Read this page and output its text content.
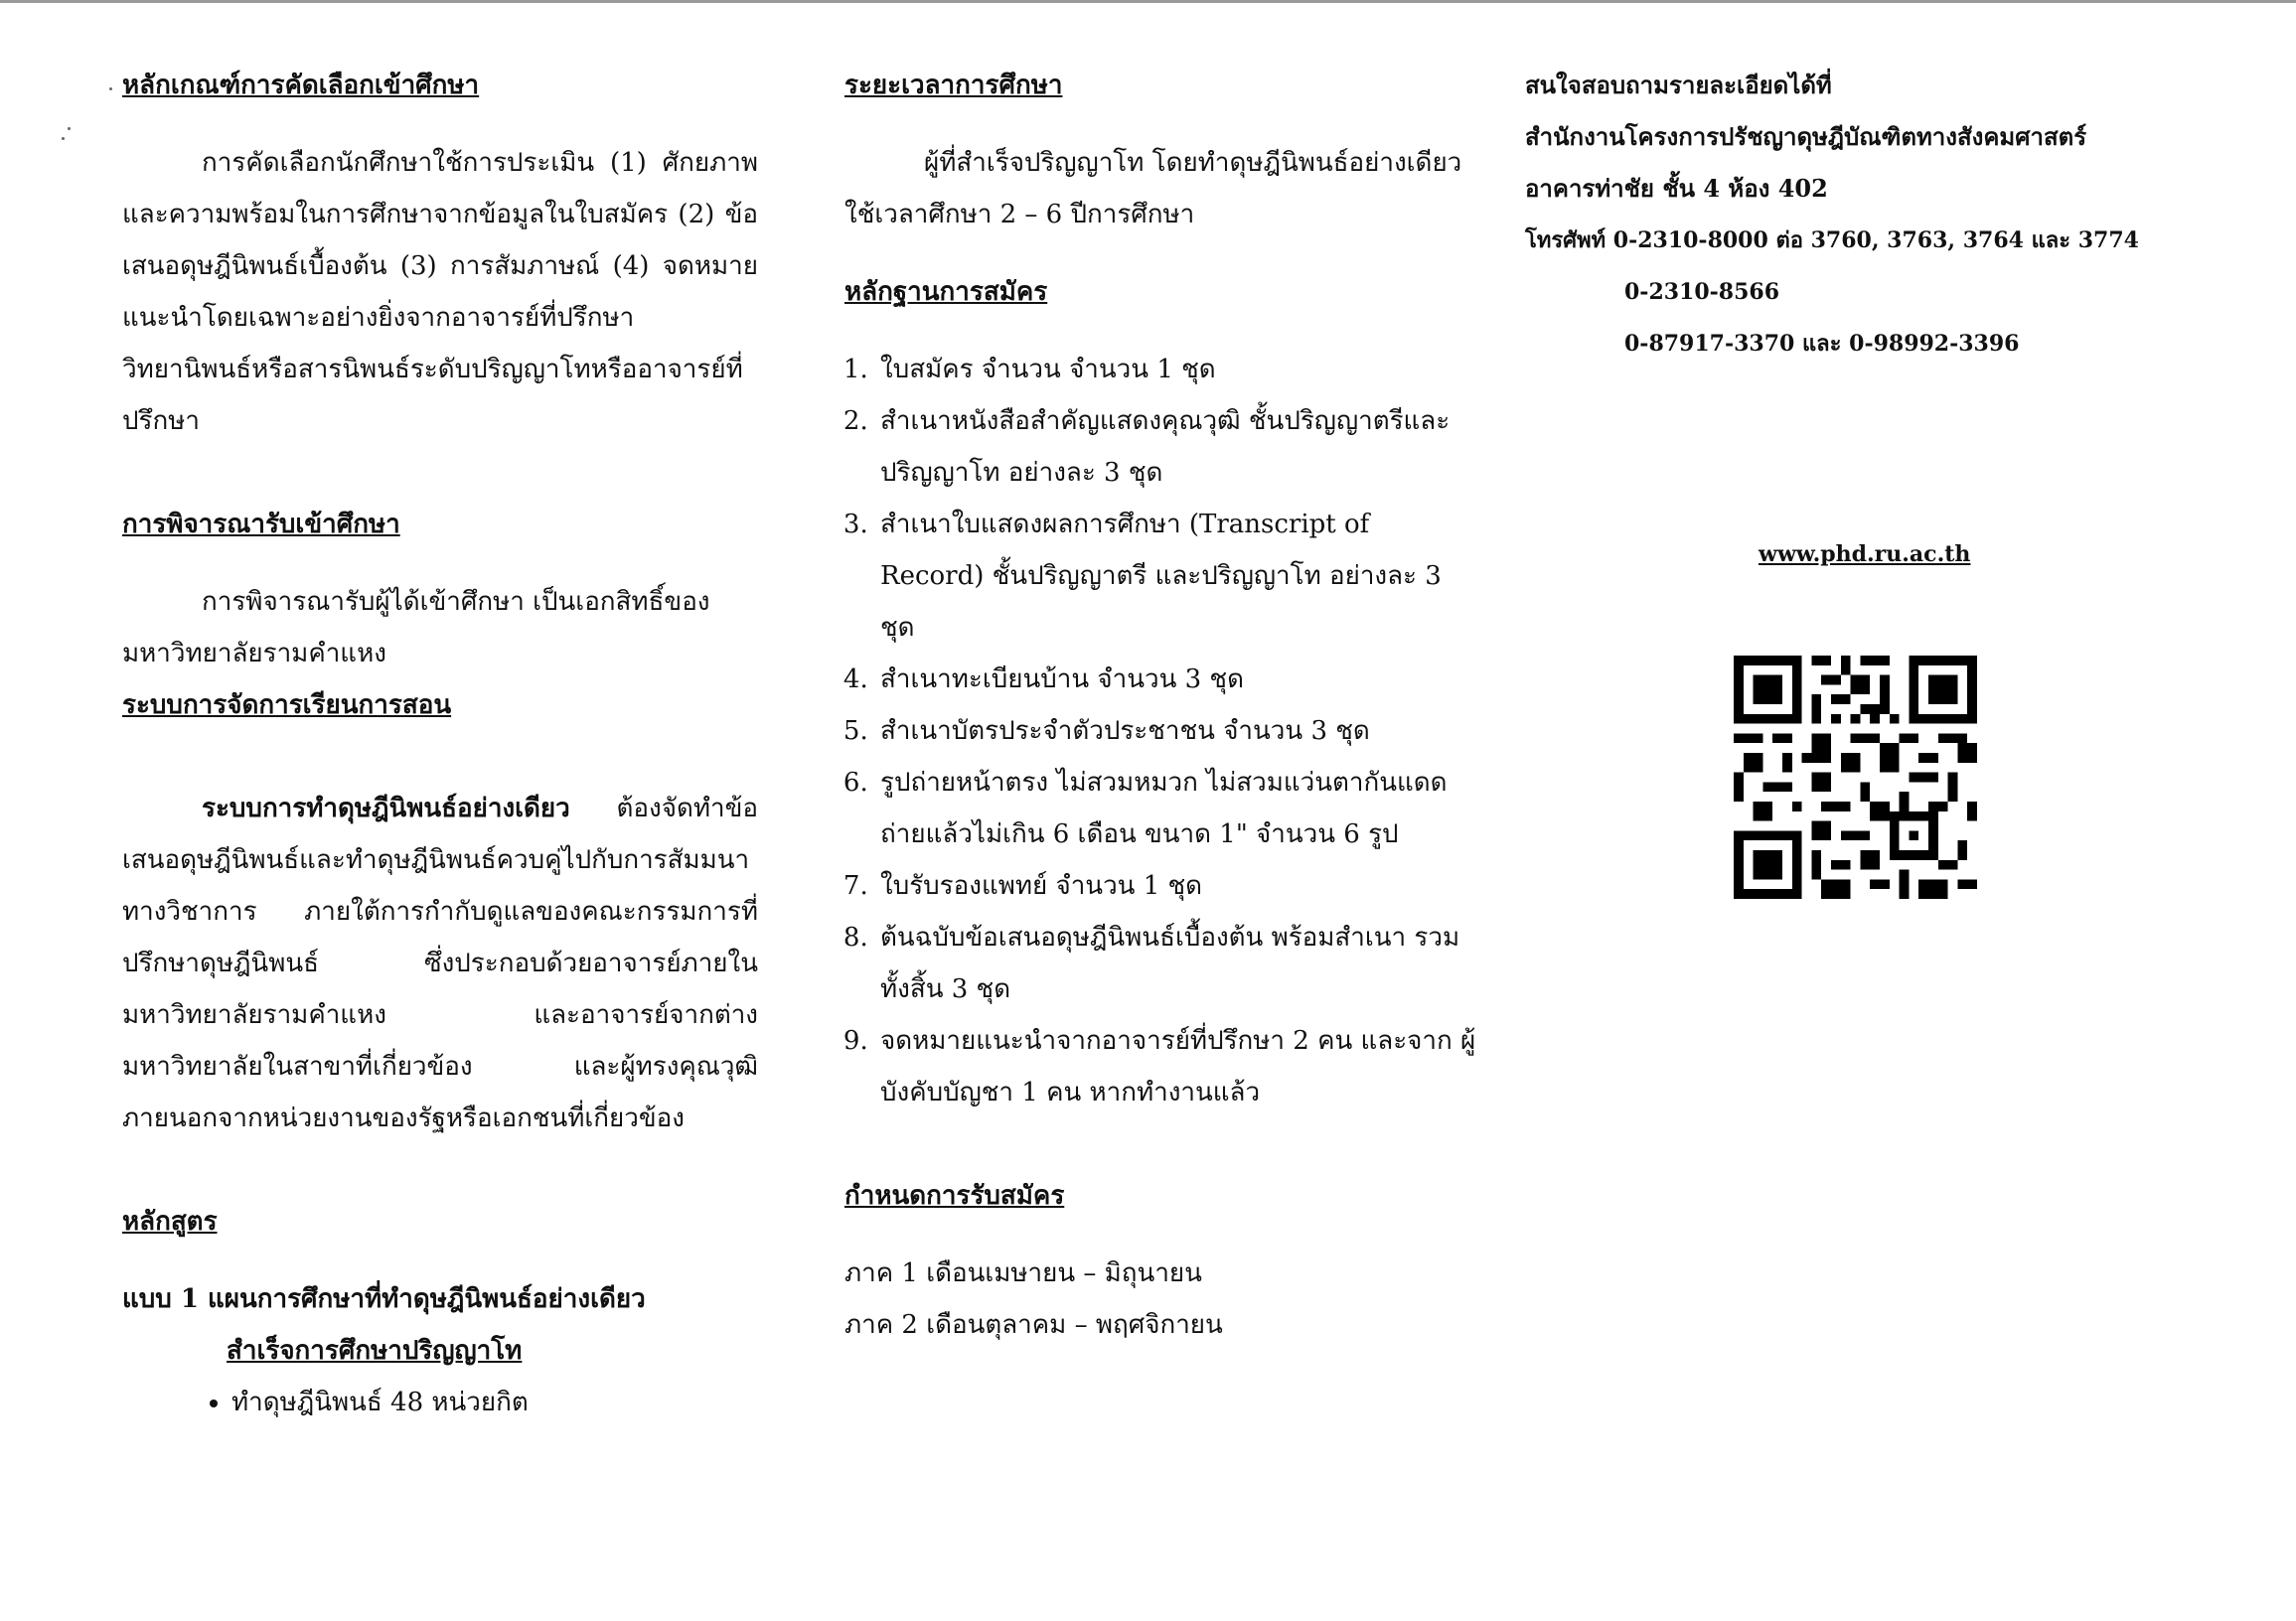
หลักเกณฑ์การคัดเลือกเข้าศึกษา

การคัดเลือกนักศึกษาใช้การประเมิน (1) ศักยภาพและความพร้อมในการศึกษาจากข้อมูลในใบสมัคร (2) ข้อเสนอดุษฎีนิพนธ์เบื้องต้น (3) การสัมภาษณ์ (4) จดหมายแนะนำโดยเฉพาะอย่างยิ่งจากอาจารย์ที่ปรึกษาวิทยานิพนธ์หรือสารนิพนธ์ระดับปริญญาโทหรืออาจารย์ที่ปรึกษา

การพิจารณารับเข้าศึกษา

การพิจารณารับผู้ได้เข้าศึกษา เป็นเอกสิทธิ์ของมหาวิทยาลัยรามคำแหง

ระบบการจัดการเรียนการสอน

ระบบการทำดุษฎีนิพนธ์อย่างเดียว ต้องจัดทำข้อเสนอดุษฎีนิพนธ์และทำดุษฎีนิพนธ์ควบคู่ไปกับการสัมมนาทางวิชาการ ภายใต้การกำกับดูแลของคณะกรรมการที่ปรึกษาดุษฎีนิพนธ์ ซึ่งประกอบด้วยอาจารย์ภายในมหาวิทยาลัยรามคำแหง และอาจารย์จากต่างมหาวิทยาลัยในสาขาที่เกี่ยวข้อง และผู้ทรงคุณวุฒิภายนอกจากหน่วยงานของรัฐหรือเอกชนที่เกี่ยวข้อง

หลักสูตร

แบบ 1 แผนการศึกษาที่ทำดุษฎีนิพนธ์อย่างเดียว

สำเร็จการศึกษาปริญญาโท

• ทำดุษฎีนิพนธ์ 48 หน่วยกิต
ระยะเวลาการศึกษา

ผู้ที่สำเร็จปริญญาโท โดยทำดุษฎีนิพนธ์อย่างเดียว ใช้เวลาศึกษา 2 – 6 ปีการศึกษา

หลักฐานการสมัคร
1. ใบสมัคร จำนวน จำนวน 1 ชุด
2. สำเนาหนังสือสำคัญแสดงคุณวุฒิ ชั้นปริญญาตรีและปริญญาโท อย่างละ 3 ชุด
3. สำเนาใบแสดงผลการศึกษา (Transcript of Record) ชั้นปริญญาตรี และปริญญาโท อย่างละ 3 ชุด
4. สำเนาทะเบียนบ้าน จำนวน 3 ชุด
5. สำเนาบัตรประจำตัวประชาชน จำนวน 3 ชุด
6. รูปถ่ายหน้าตรง ไม่สวมหมวก ไม่สวมแว่นตากันแดด ถ่ายแล้วไม่เกิน 6 เดือน ขนาด 1" จำนวน 6 รูป
7. ใบรับรองแพทย์ จำนวน 1 ชุด
8. ต้นฉบับข้อเสนอดุษฎีนิพนธ์เบื้องต้น พร้อมสำเนา รวมทั้งสิ้น 3 ชุด
9. จดหมายแนะนำจากอาจารย์ที่ปรึกษา 2 คน และจาก ผู้บังคับบัญชา 1 คน หากทำงานแล้ว
กำหนดการรับสมัคร

ภาค 1 เดือนเมษายน – มิถุนายน

ภาค 2 เดือนตุลาคม – พฤศจิกายน

สนใจสอบถามรายละเอียดได้ที่

สำนักงานโครงการปรัชญาดุษฎีบัณฑิตทางสังคมศาสตร์

อาคารท่าชัย ชั้น 4 ห้อง 402

โทรศัพท์ 0-2310-8000 ต่อ 3760, 3763, 3764 และ 3774

0-2310-8566

0-87917-3370 และ 0-98992-3396

www.phd.ru.ac.th
